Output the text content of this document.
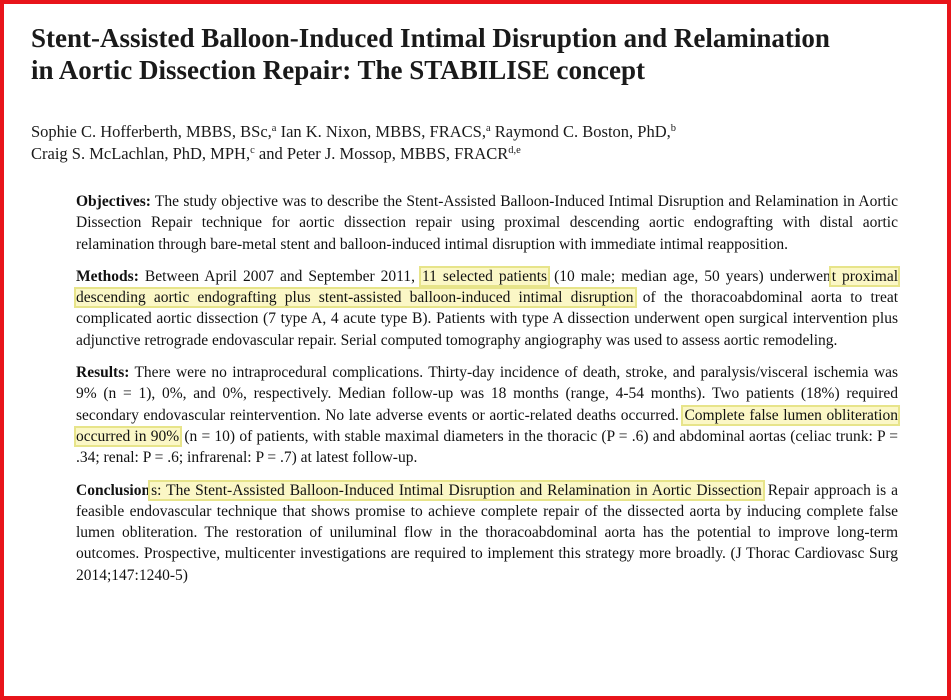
Stent-Assisted Balloon-Induced Intimal Disruption and Relamination
in Aortic Dissection Repair: The STABILISE concept
Sophie C. Hofferberth, MBBS, BSc,$^a$ Ian K. Nixon, MBBS, FRACS,$^a$ Raymond C. Boston, PhD,$^b$
Craig S. McLachlan, PhD, MPH,$^c$ and Peter J. Mossop, MBBS, FRACR$^{d,e}$

Objectives: The study objective was to describe the Stent-Assisted Balloon-Induced Intimal Disruption and Relamination in Aortic Dissection Repair technique for aortic dissection repair using proximal descending aortic endografting with distal aortic relamination through bare-metal stent and balloon-induced intimal disruption with immediate intimal reapposition.

Methods: Between April 2007 and September 2011, 11 selected patients (10 male; median age, 50 years) underwent proximal descending aortic endografting plus stent-assisted balloon-induced intimal disruption of the thoracoabdominal aorta to treat complicated aortic dissection (7 type A, 4 acute type B). Patients with type A dissection underwent open surgical intervention plus adjunctive retrograde endovascular repair. Serial computed tomography angiography was used to assess aortic remodeling.

Results: There were no intraprocedural complications. Thirty-day incidence of death, stroke, and paralysis/visceral ischemia was 9% (n = 1), 0%, and 0%, respectively. Median follow-up was 18 months (range, 4-54 months). Two patients (18%) required secondary endovascular reintervention. No late adverse events or aortic-related deaths occurred. Complete false lumen obliteration occurred in 90% (n = 10) of patients, with stable maximal diameters in the thoracic (P = .6) and abdominal aortas (celiac trunk: P = .34; renal: P = .6; infrarenal: P = .7) at latest follow-up.

Conclusions: The Stent-Assisted Balloon-Induced Intimal Disruption and Relamination in Aortic Dissection Repair approach is a feasible endovascular technique that shows promise to achieve complete repair of the dissected aorta by inducing complete false lumen obliteration. The restoration of uniluminal flow in the thoracoabdominal aorta has the potential to improve long-term outcomes. Prospective, multicenter investigations are required to implement this strategy more broadly. (J Thorac Cardiovasc Surg 2014;147:1240-5)
